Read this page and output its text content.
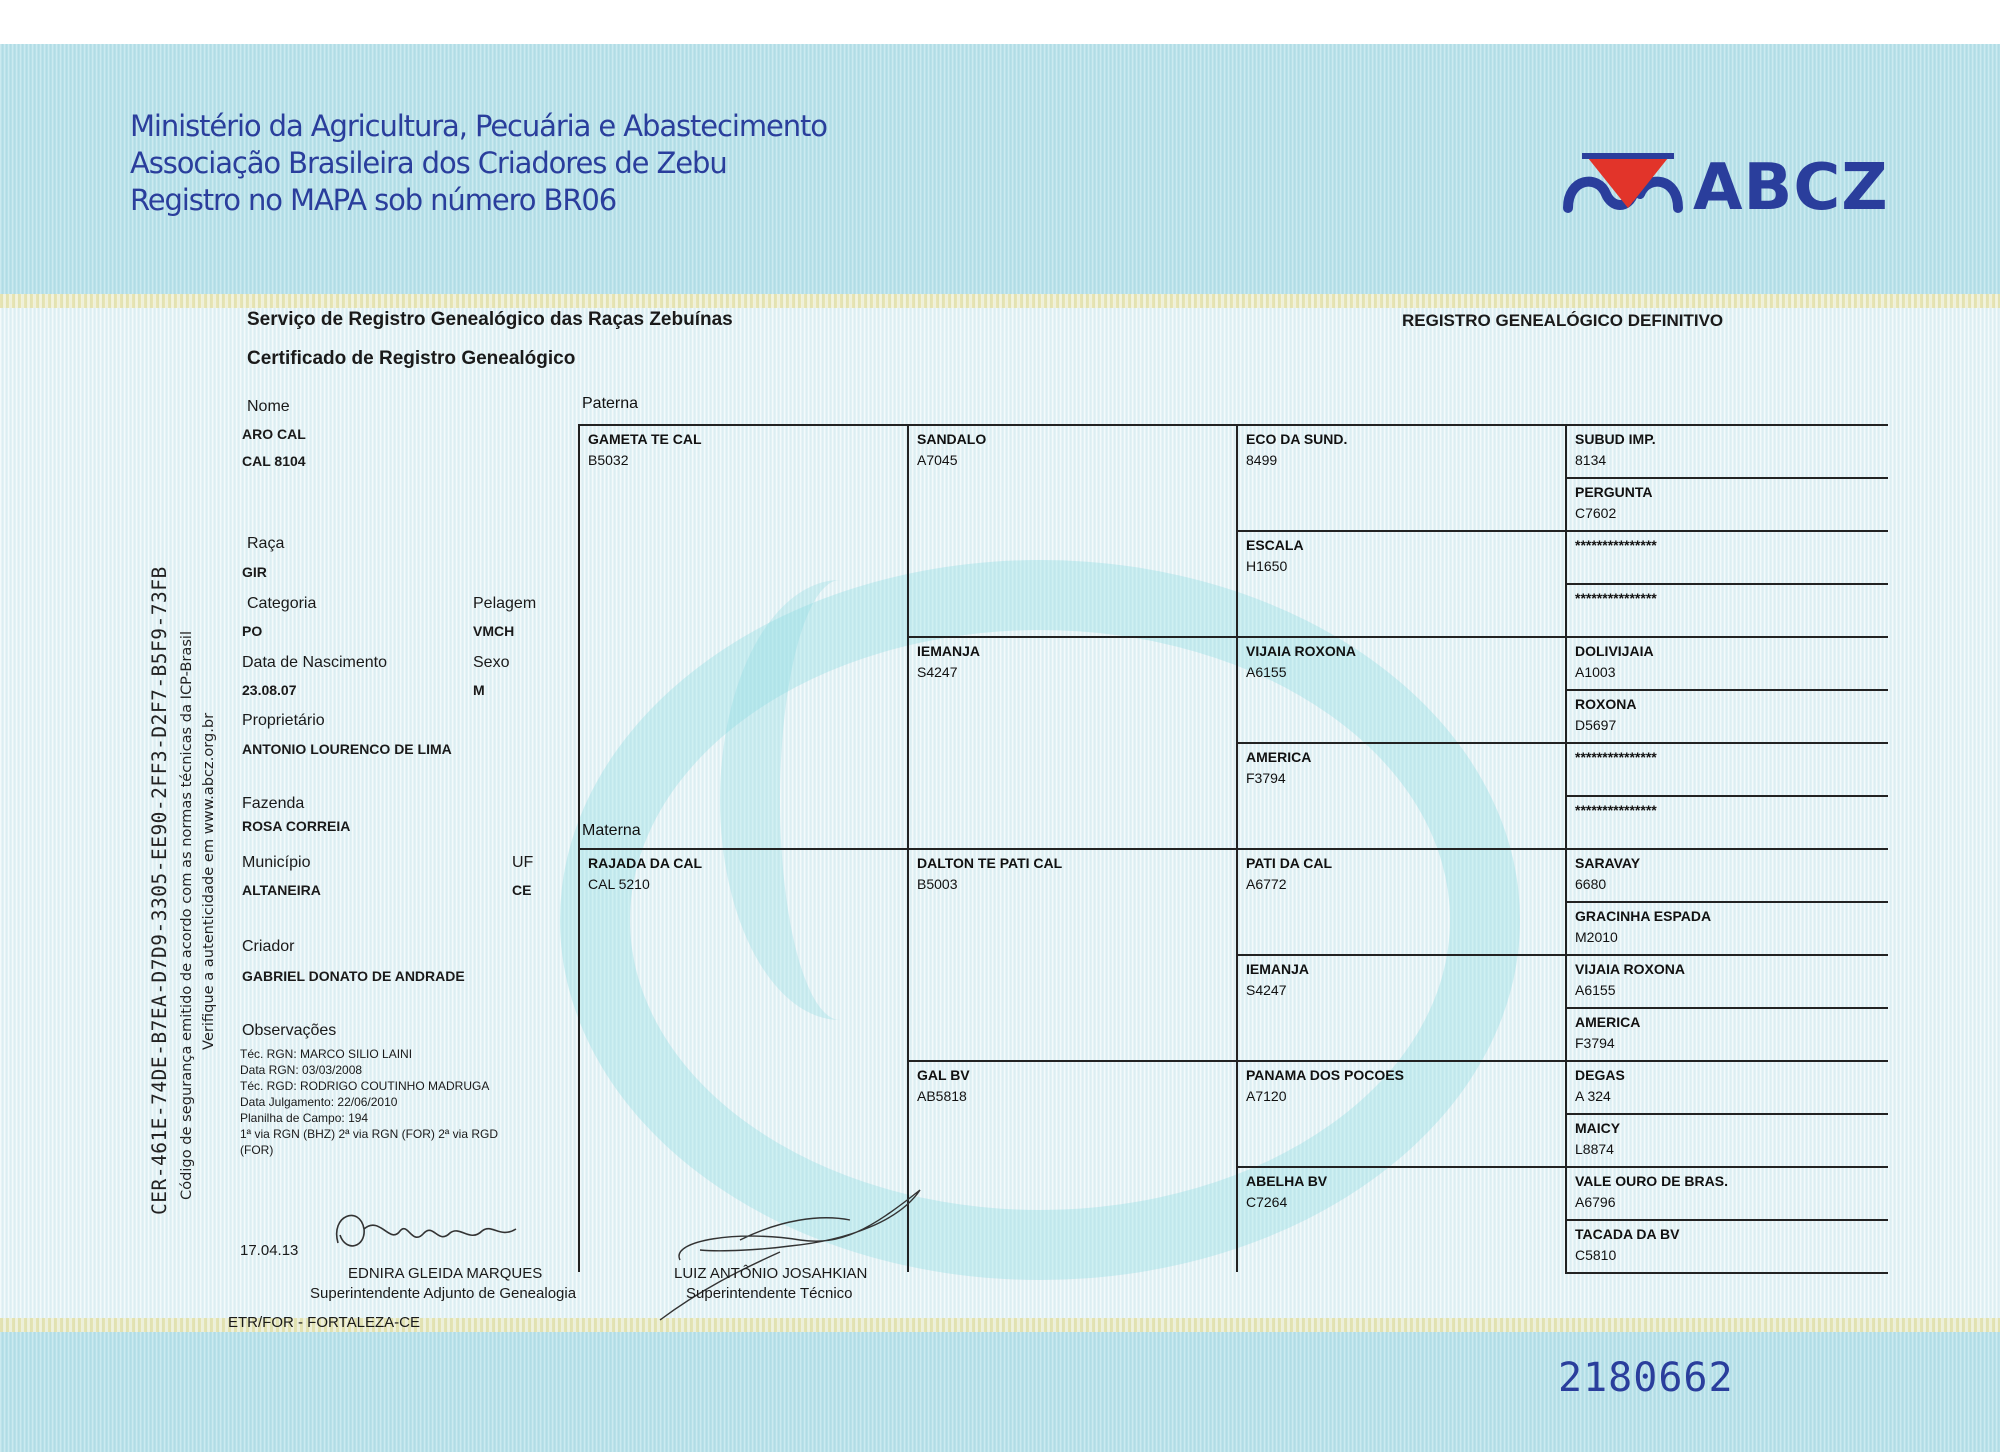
Ministério da Agricultura, Pecuária e Abastecimento
Associação Brasileira dos Criadores de Zebu
Registro no MAPA sob número BR06	ABCZ
Serviço de Registro Genealógico das Raças Zebuínas
Certificado de Registro Genealógico
REGISTRO GENEALÓGICO DEFINITIVO
CER-461E-74DE-B7EA-D7D9-3305-EE90-2FF3-D2F7-B5F9-73FB Código de segurança emitido de acordo com as normas técnicas da ICP-Brasil Verifique a autenticidade em www.abcz.org.br
Nome
ARO CAL
CAL 8104
Raça
GIR
Categoria
PO
Pelagem
VMCH
Data de Nascimento
23.08.07
Sexo
M
Proprietário
ANTONIO LOURENCO DE LIMA
Fazenda
ROSA CORREIA
Município
ALTANEIRA
UF
CE
Criador
GABRIEL DONATO DE ANDRADE
Observações
Téc. RGN: MARCO SILIO LAINI
Data RGN: 03/03/2008
Téc. RGD: RODRIGO COUTINHO MADRUGA
Data Julgamento: 22/06/2010
Planilha de Campo: 194
1ª via RGN (BHZ) 2ª via RGN (FOR) 2ª via RGD
(FOR)
Paterna
Materna
GAMETA TE CAL
B5032
RAJADA DA CAL
CAL 5210
SANDALO
A7045
IEMANJA
S4247
DALTON TE PATI CAL
B5003
GAL BV
AB5818
ECO DA SUND.
8499
ESCALA
H1650
VIJAIA ROXONA
A6155
AMERICA
F3794
PATI DA CAL
A6772
IEMANJA
S4247
PANAMA DOS POCOES
A7120
ABELHA BV
C7264
SUBUD IMP.
8134
PERGUNTA
C7602
***************
***************
DOLIVIJAIA
A1003
ROXONA
D5697
***************
***************
SARAVAY
6680
GRACINHA ESPADA
M2010
VIJAIA ROXONA
A6155
AMERICA
F3794
DEGAS
A 324
MAICY
L8874
VALE OURO DE BRAS.
A6796
TACADA DA BV
C5810
17.04.13
EDNIRA GLEIDA MARQUES
Superintendente Adjunto de Genealogia
LUIZ ANTÔNIO JOSAHKIAN
Superintendente Técnico
ETR/FOR - FORTALEZA-CE
2180662
